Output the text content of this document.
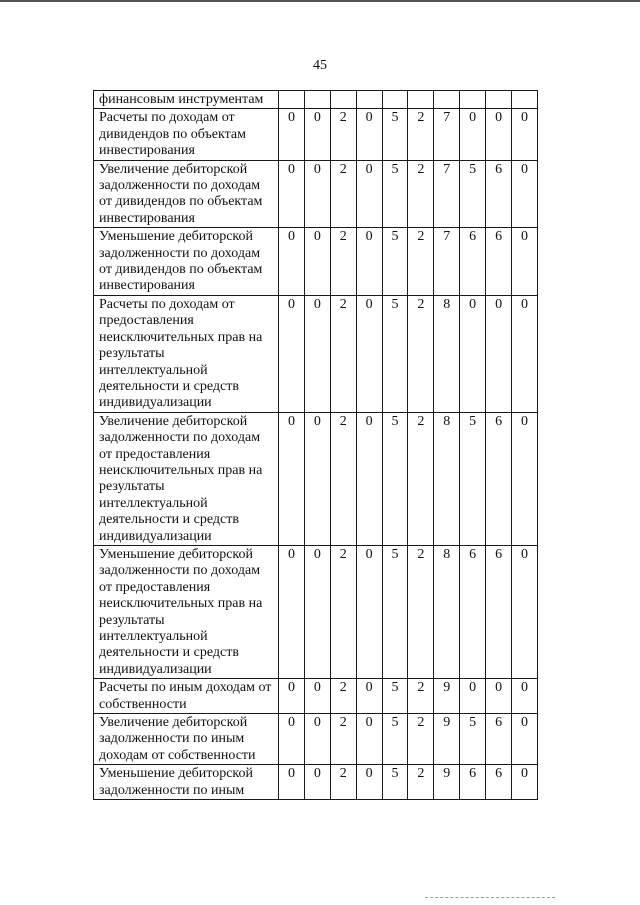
45
финансовым инструментам										
Расчеты по доходам от дивидендов по объектам инвестирования	0	0	2	0	5	2	7	0	0	0
Увеличение дебиторской задолженности по доходам от дивидендов по объектам инвестирования	0	0	2	0	5	2	7	5	6	0
Уменьшение дебиторской задолженности по доходам от дивидендов по объектам инвестирования	0	0	2	0	5	2	7	6	6	0
Расчеты по доходам от предоставления неисключительных прав на результаты интеллектуальной деятельности и средств индивидуализации	0	0	2	0	5	2	8	0	0	0
Увеличение дебиторской задолженности по доходам от предоставления неисключительных прав на результаты интеллектуальной деятельности и средств индивидуализации	0	0	2	0	5	2	8	5	6	0
Уменьшение дебиторской задолженности по доходам от предоставления неисключительных прав на результаты интеллектуальной деятельности и средств индивидуализации	0	0	2	0	5	2	8	6	6	0
Расчеты по иным доходам от собственности	0	0	2	0	5	2	9	0	0	0
Увеличение дебиторской задолженности по иным доходам от собственности	0	0	2	0	5	2	9	5	6	0
Уменьшение дебиторской задолженности по иным	0	0	2	0	5	2	9	6	6	0
